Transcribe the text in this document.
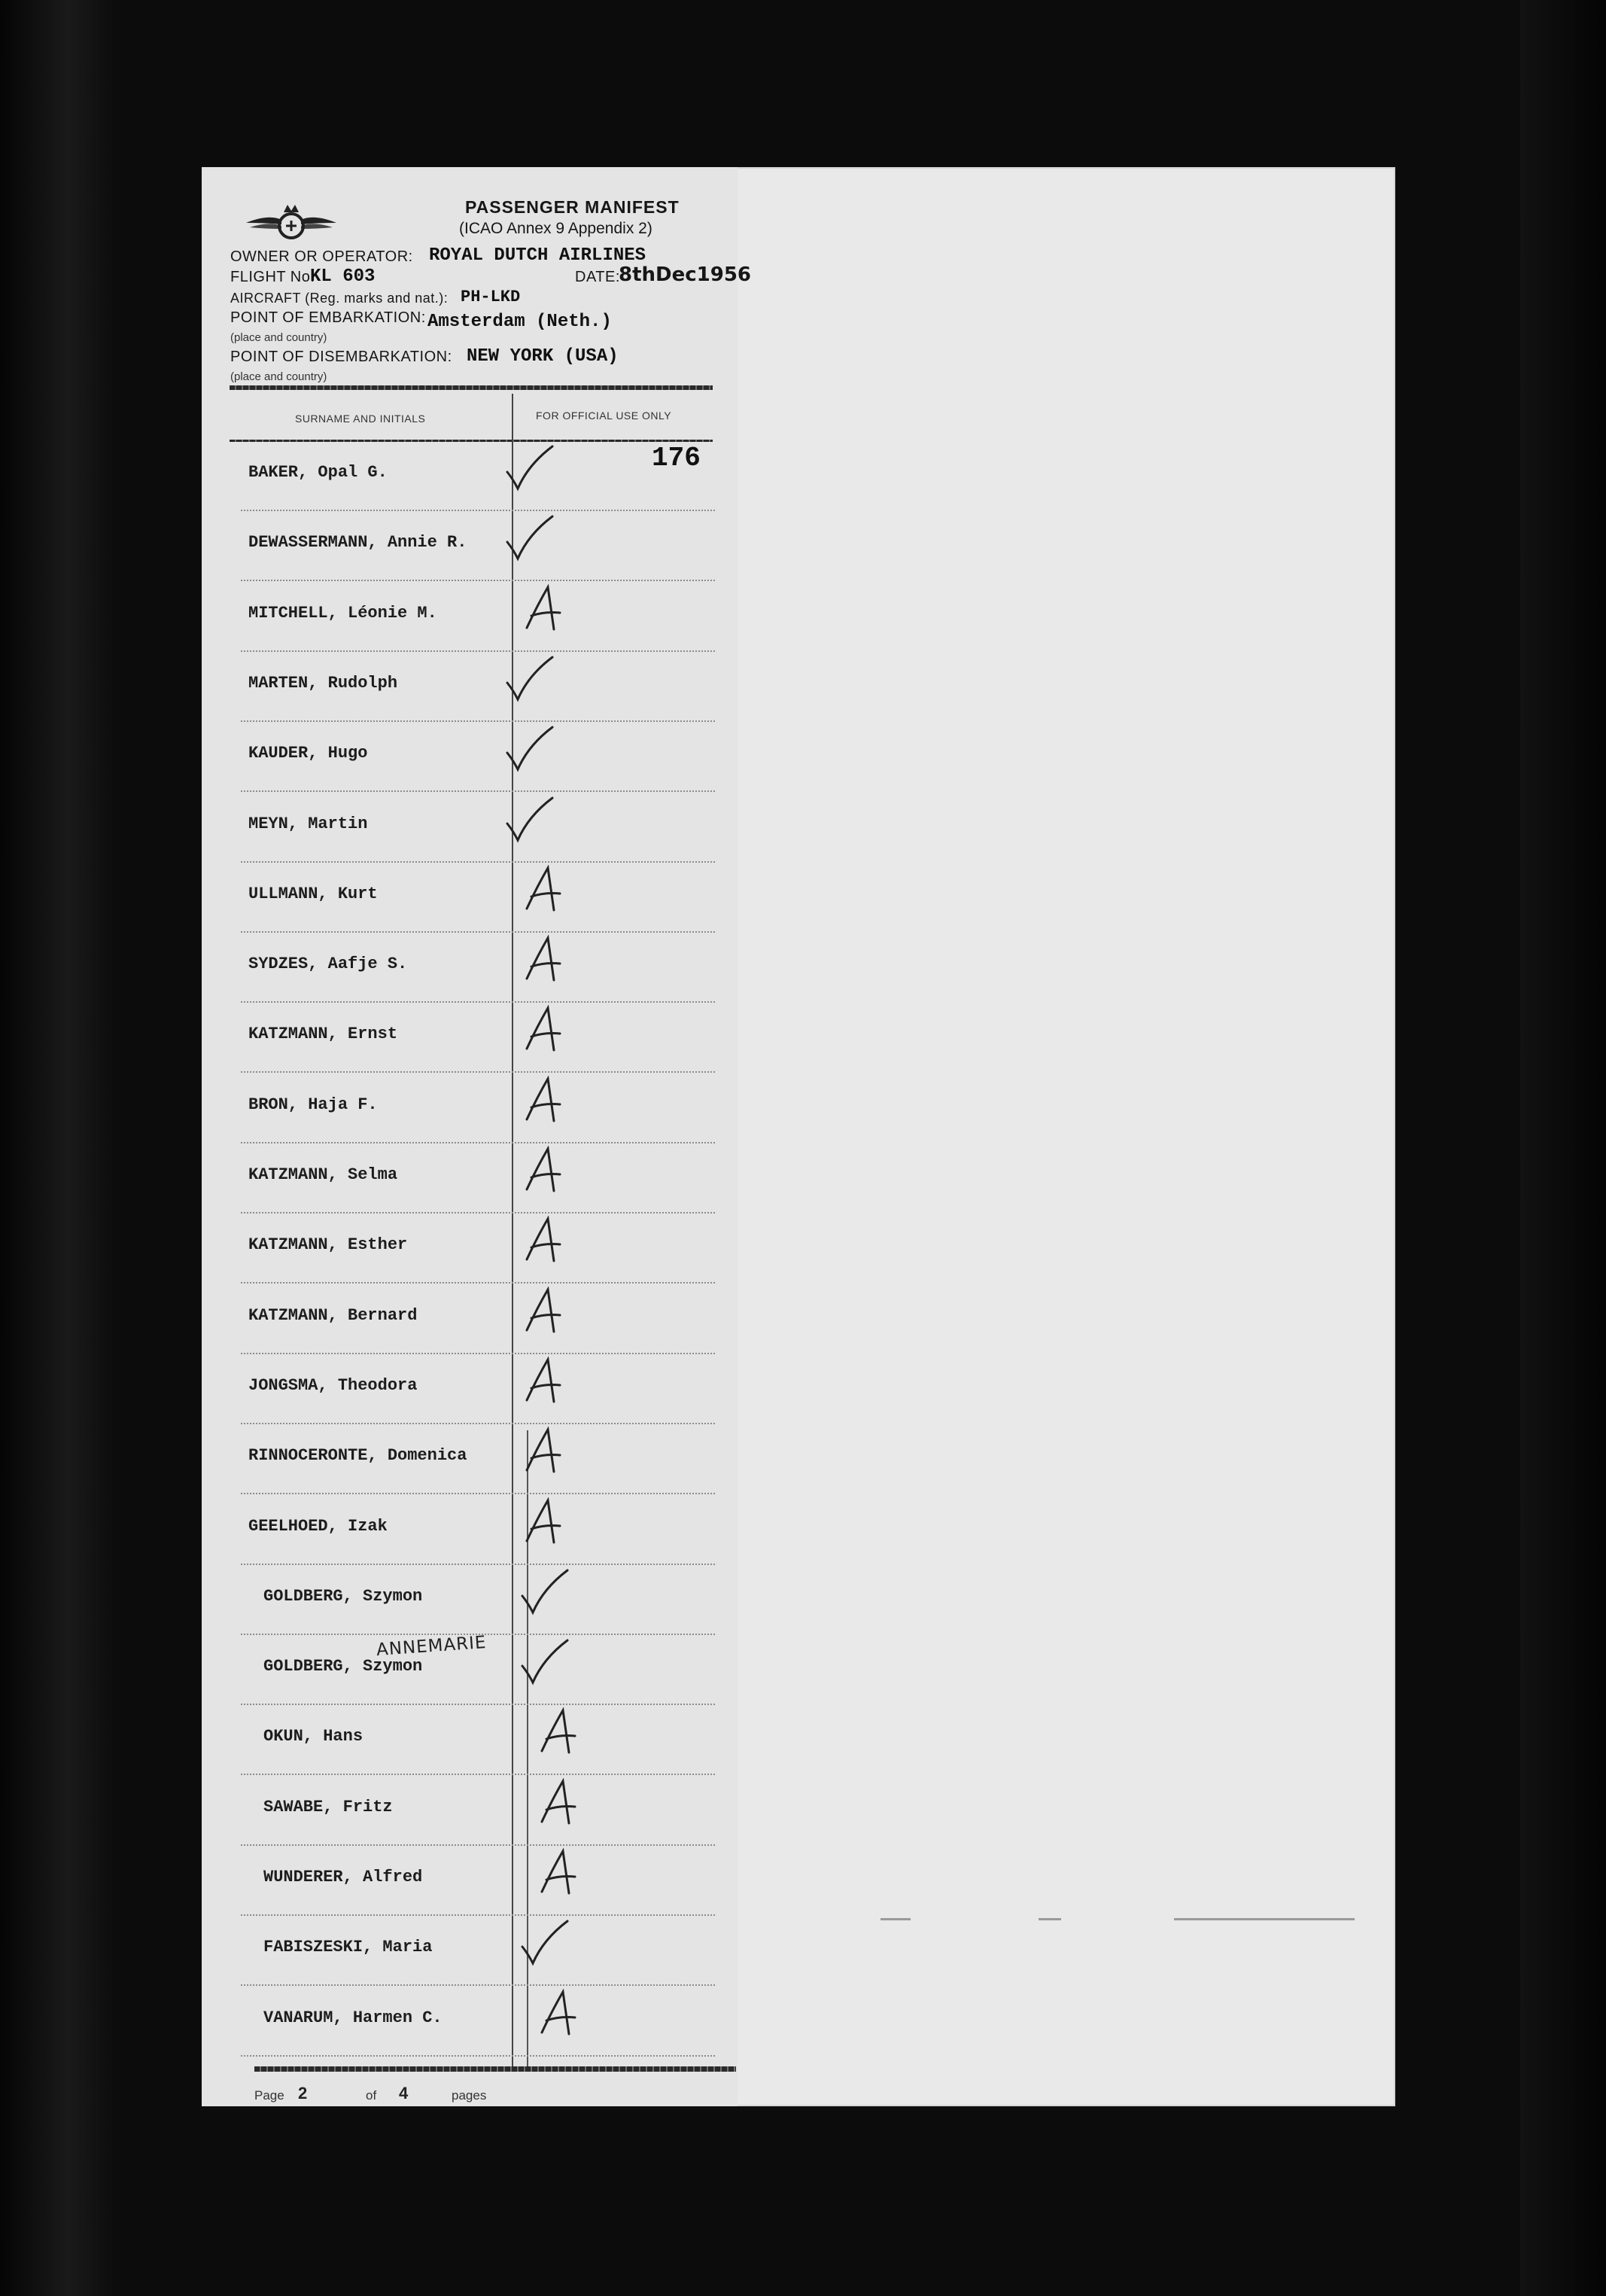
PASSENGER MANIFEST
(ICAO Annex 9 Appendix 2)
OWNER OR OPERATOR: ROYAL DUTCH AIRLINES
FLIGHT No.
KL 603	DATE:
8thDec1956
AIRCRAFT (Reg. marks and nat.): PH-LKD
POINT OF EMBARKATION: Amsterdam (Neth.)
(place and country)
POINT OF DISEMBARKATION: NEW YORK (USA)
(place and country)
SURNAME AND INITIALS	FOR OFFICIAL USE ONLY
176
BAKER, Opal G.
DEWASSERMANN, Annie R.
MITCHELL, Léonie M.
MARTEN, Rudolph
KAUDER, Hugo
MEYN, Martin
ULLMANN, Kurt
SYDZES, Aafje S.
KATZMANN, Ernst
BRON, Haja F.
KATZMANN, Selma
KATZMANN, Esther
KATZMANN, Bernard
JONGSMA, Theodora
RINNOCERONTE, Domenica
GEELHOED, Izak
GOLDBERG, Szymon
GOLDBERG, Szymon
OKUN, Hans
SAWABE, Fritz
WUNDERER, Alfred
FABISZESKI, Maria
VANARUM, Harmen C.
ANNEMARIE
Page 2	of 4	pages
